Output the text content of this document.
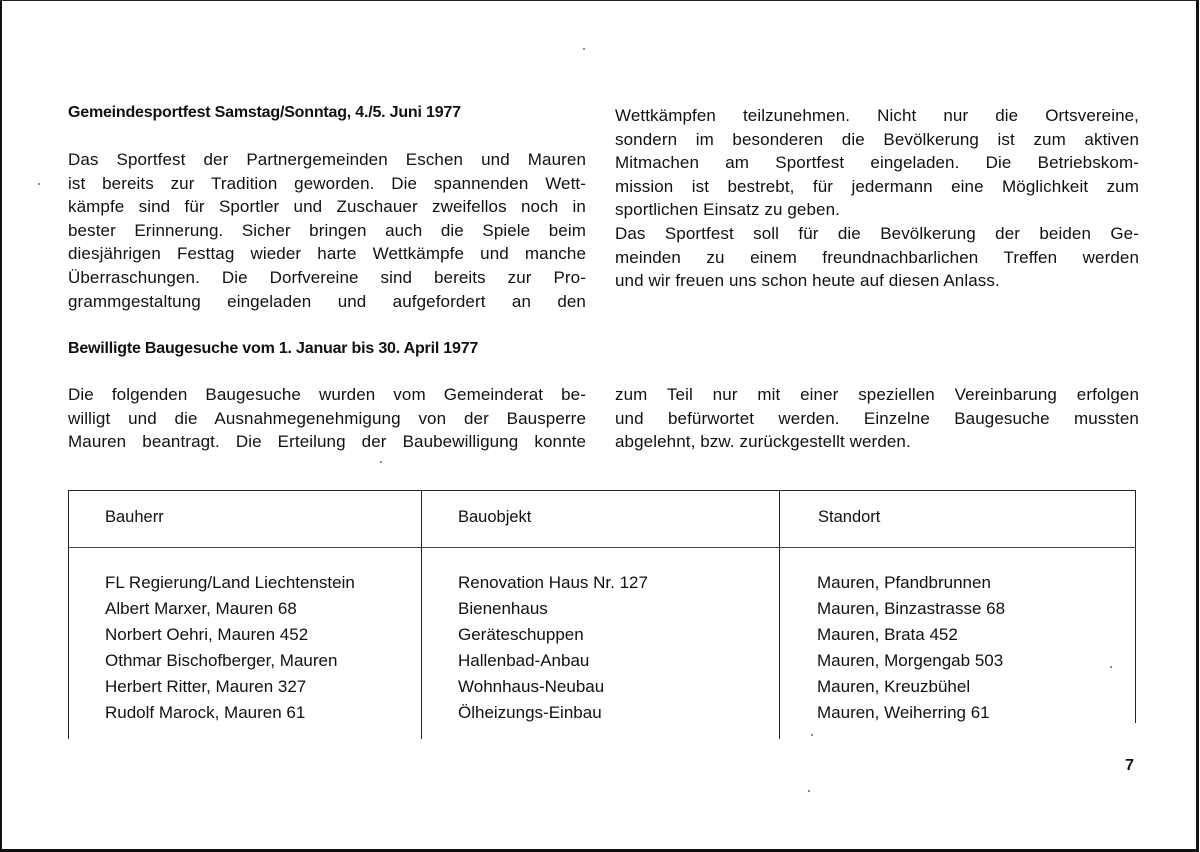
Gemeindesportfest Samstag/Sonntag, 4./5. Juni 1977
Das Sportfest der Partnergemeinden Eschen und Mauren
ist bereits zur Tradition geworden. Die spannenden Wett-
kämpfe sind für Sportler und Zuschauer zweifellos noch in
bester Erinnerung. Sicher bringen auch die Spiele beim
diesjährigen Festtag wieder harte Wettkämpfe und manche
Überraschungen. Die Dorfvereine sind bereits zur Pro-
grammgestaltung eingeladen und aufgefordert an den
Wettkämpfen teilzunehmen. Nicht nur die Ortsvereine,
sondern im besonderen die Bevölkerung ist zum aktiven
Mitmachen am Sportfest eingeladen. Die Betriebskom-
mission ist bestrebt, für jedermann eine Möglichkeit zum
sportlichen Einsatz zu geben.
Das Sportfest soll für die Bevölkerung der beiden Ge-
meinden zu einem freundnachbarlichen Treffen werden
und wir freuen uns schon heute auf diesen Anlass.
Bewilligte Baugesuche vom 1. Januar bis 30. April 1977
Die folgenden Baugesuche wurden vom Gemeinderat be-
willigt und die Ausnahmegenehmigung von der Bausperre
Mauren beantragt. Die Erteilung der Baubewilligung konnte
zum Teil nur mit einer speziellen Vereinbarung erfolgen
und befürwortet werden. Einzelne Baugesuche mussten
abgelehnt, bzw. zurückgestellt werden.
Bauherr	Bauobjekt	Standort
FL Regierung/Land Liechtenstein	Renovation Haus Nr. 127	Mauren, Pfandbrunnen
Albert Marxer, Mauren 68	Bienenhaus	Mauren, Binzastrasse 68
Norbert Oehri, Mauren 452	Geräteschuppen	Mauren, Brata 452
Othmar Bischofberger, Mauren	Hallenbad-Anbau	Mauren, Morgengab 503
Herbert Ritter, Mauren 327	Wohnhaus-Neubau	Mauren, Kreuzbühel
Rudolf Marock, Mauren 61	Ölheizungs-Einbau	Mauren, Weiherring 61
7
